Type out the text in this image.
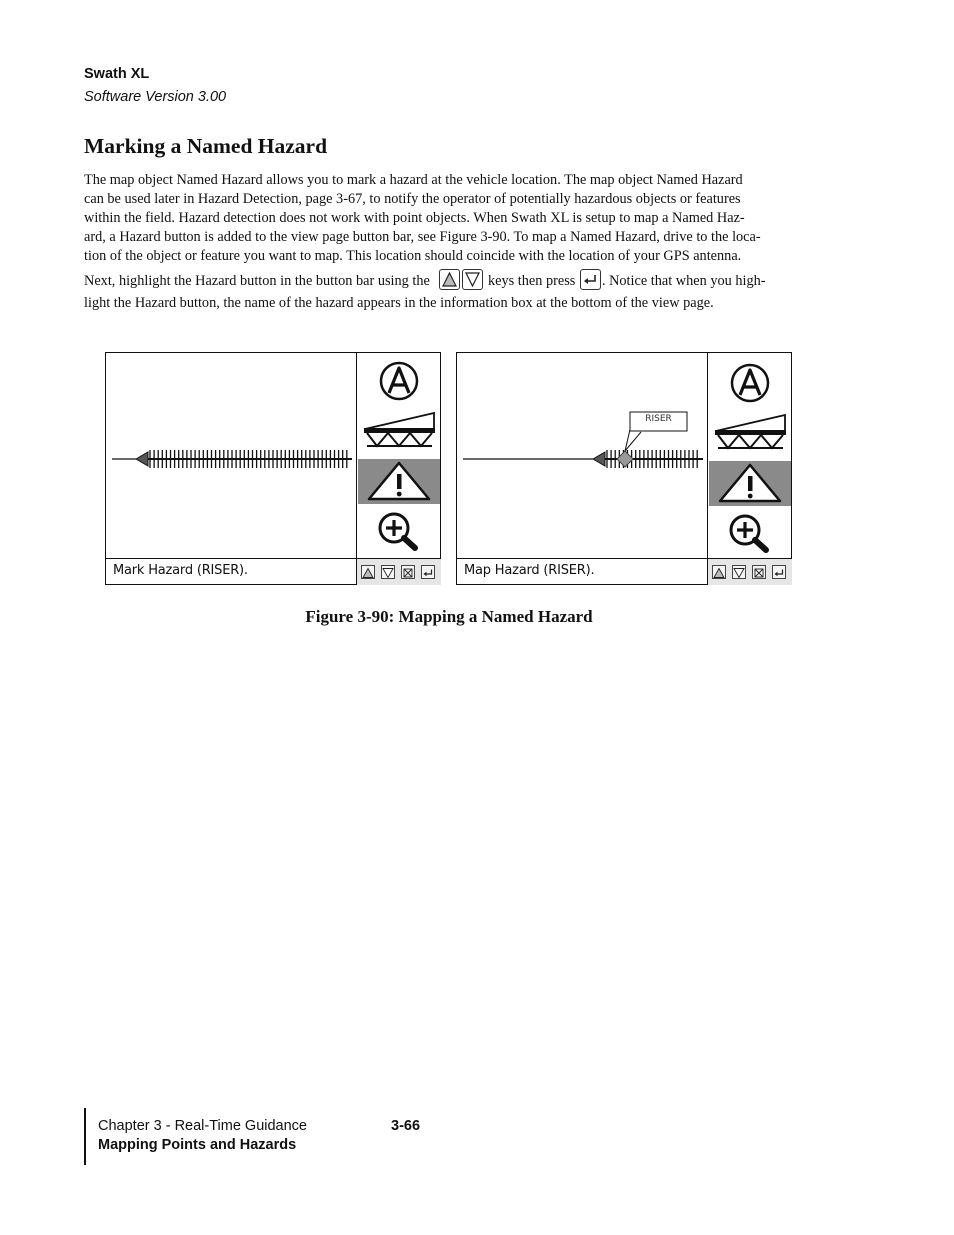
Swath XL
Software Version 3.00
Marking a Named Hazard
The map object Named Hazard allows you to mark a hazard at the vehicle location. The map object Named Hazard
can be used later in Hazard Detection, page 3-67, to notify the operator of potentially hazardous objects or features
within the field. Hazard detection does not work with point objects. When Swath XL is setup to map a Named Haz-
ard, a Hazard button is added to the view page button bar, see Figure 3-90. To map a Named Hazard, drive to the loca-
tion of the object or feature you want to map. This location should coincide with the location of your GPS antenna.
Next, highlight the Hazard button in the button bar using the	keys then press . Notice that when you high-
light the Hazard button, the name of the hazard appears in the information box at the bottom of the view page.
Mark Hazard (RISER).
RISER
Map Hazard (RISER).
Figure 3-90: Mapping a Named Hazard
Chapter 3 - Real-Time Guidance	3-66
Mapping Points and Hazards
